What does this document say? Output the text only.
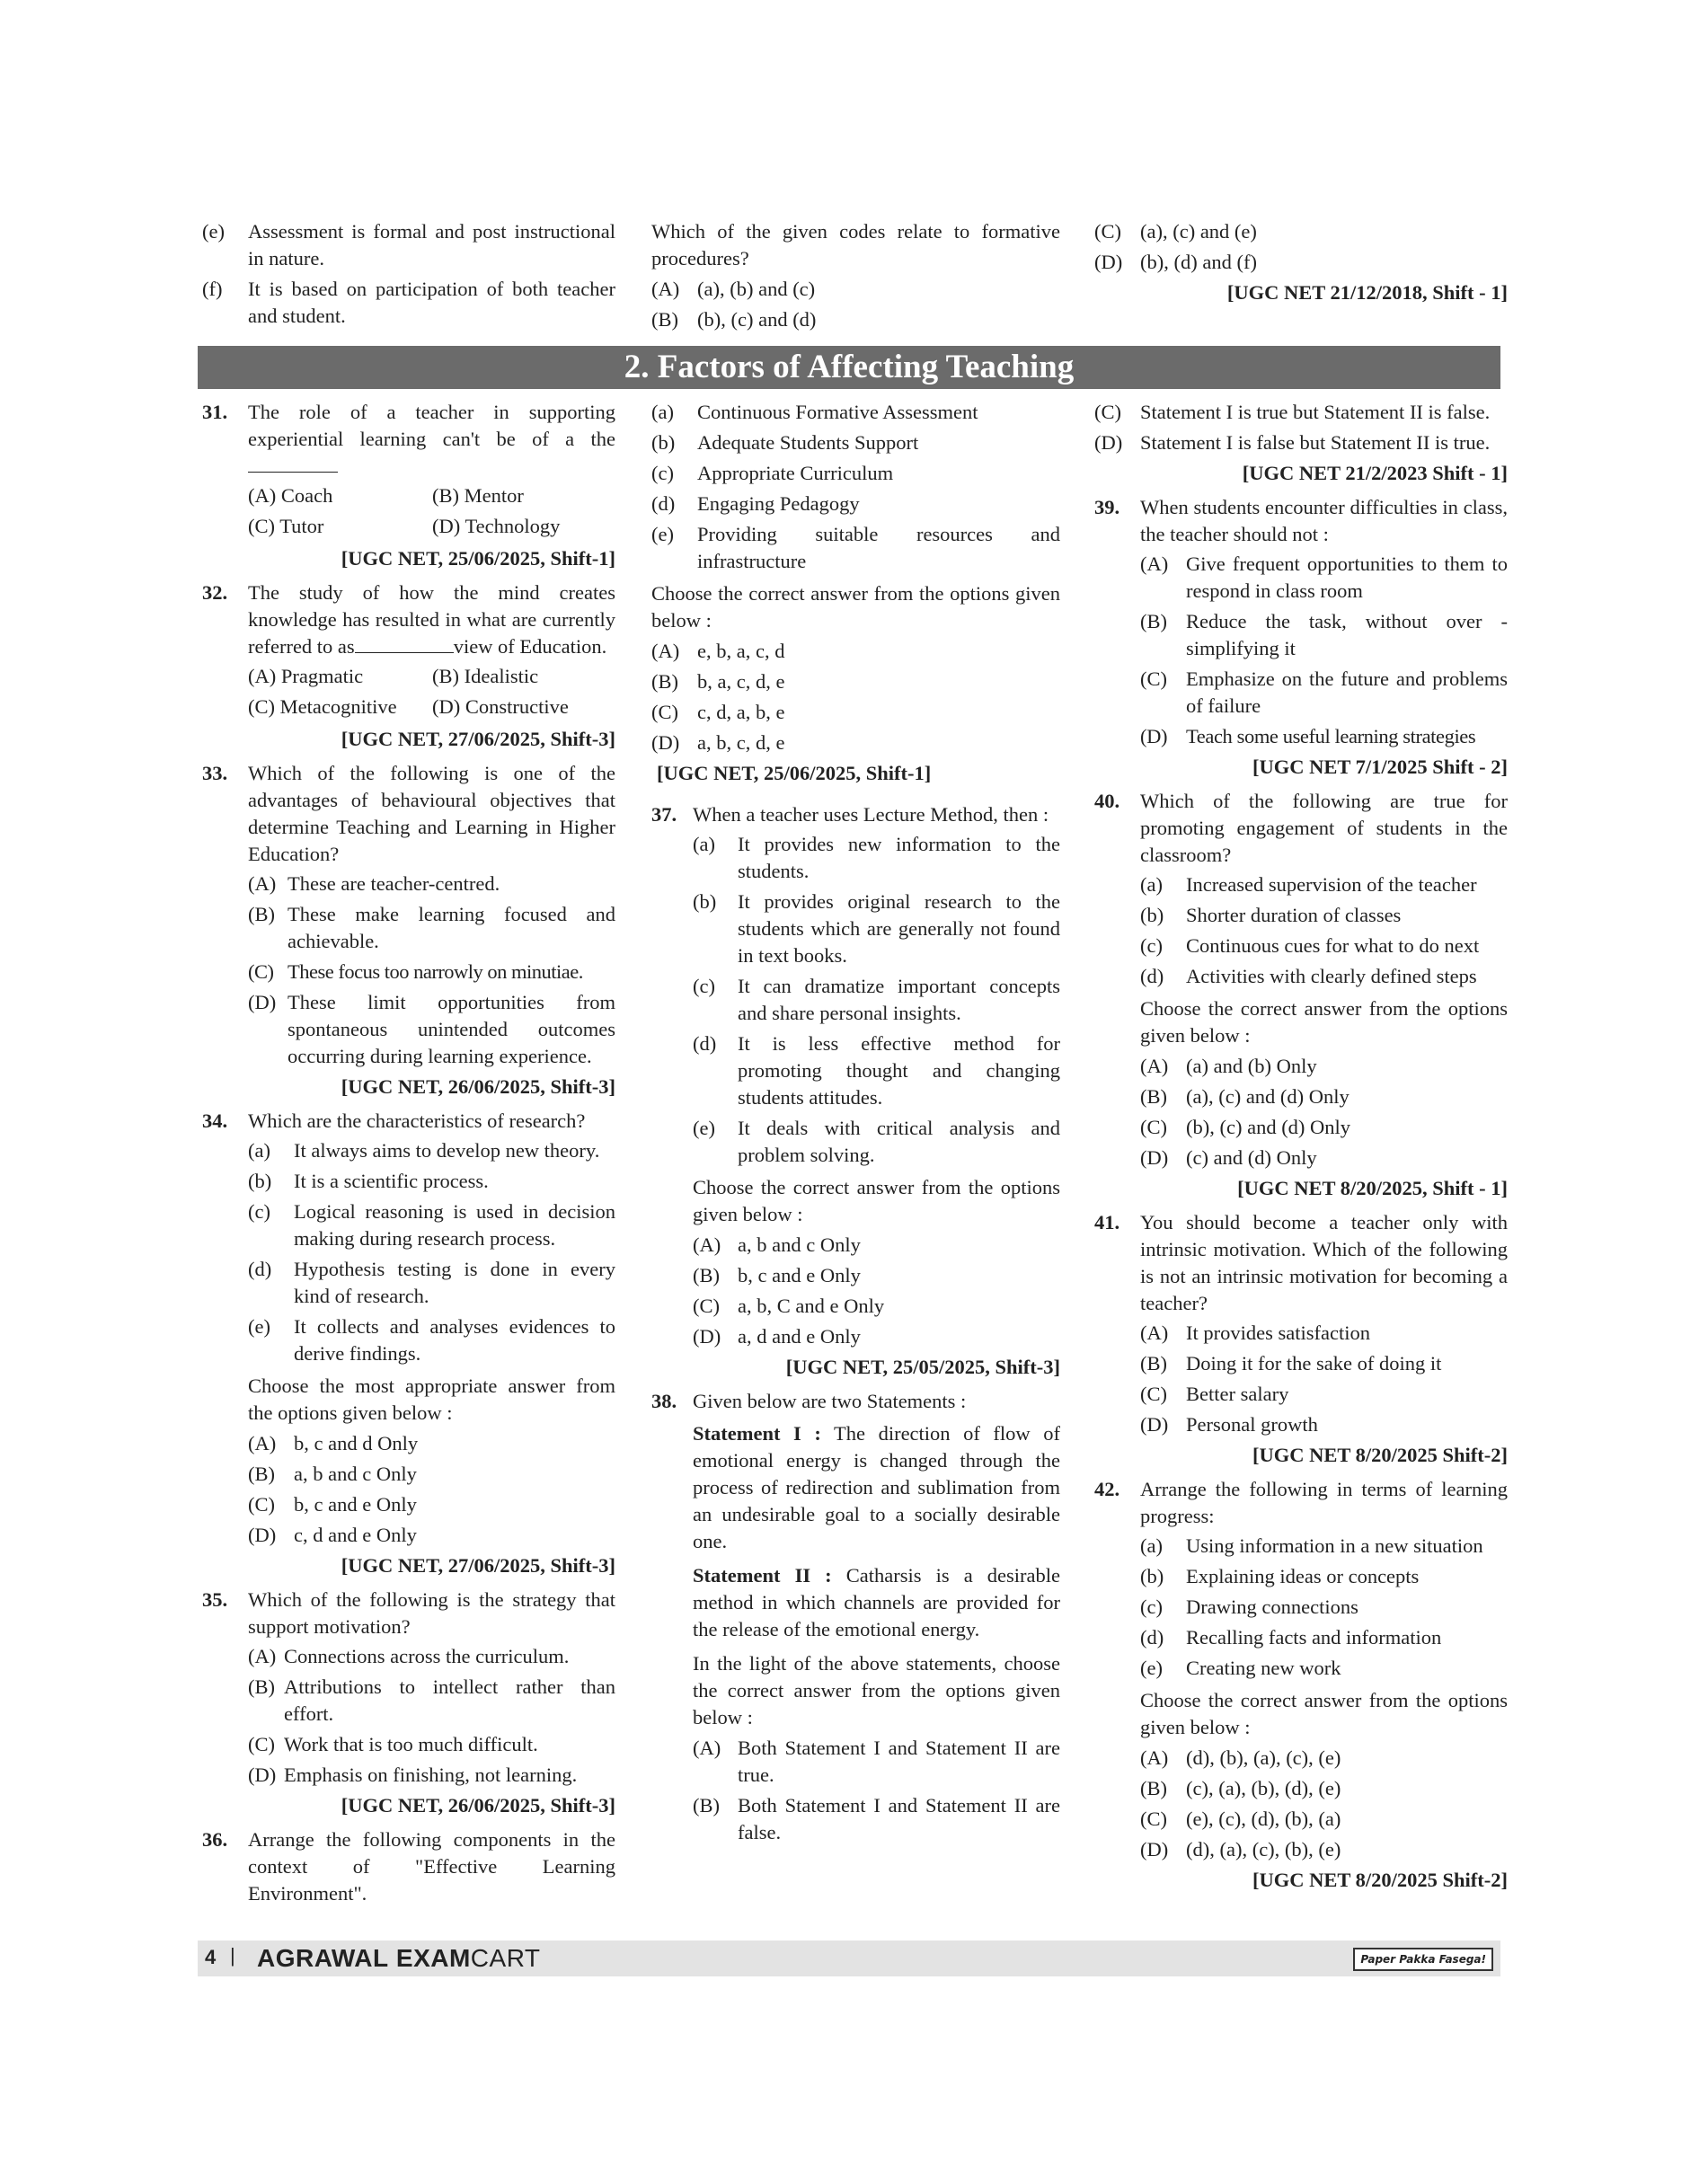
(e) Assessment is formal and post instructional in nature.
(f) It is based on participation of both teacher and student.
Which of the given codes relate to formative procedures?
(A) (a), (b) and (c)
(B) (b), (c) and (d)
(C) (a), (c) and (e)
(D) (b), (d) and (f)
[UGC NET 21/12/2018, Shift - 1]
2. Factors of Affecting Teaching
31. The role of a teacher in supporting experiential learning can't be of a the
(A) Coach	(B) Mentor
(C) Tutor	(D) Technology
[UGC NET, 25/06/2025, Shift-1]
32. The study of how the mind creates knowledge has resulted in what are currently referred to as	view of Education.
(A) Pragmatic	(B) Idealistic
(C) Metacognitive	(D) Constructive
[UGC NET, 27/06/2025, Shift-3]
33. Which of the following is one of the advantages of behavioural objectives that determine Teaching and Learning in Higher Education?
(A) These are teacher-centred.
(B) These make learning focused and achievable.
(C) These focus too narrowly on minutiae.
(D) These limit opportunities from spontaneous unintended outcomes occurring during learning experience.
[UGC NET, 26/06/2025, Shift-3]
34. Which are the characteristics of research?
(a) It always aims to develop new theory.
(b) It is a scientific process.
(c) Logical reasoning is used in decision making during research process.
(d) Hypothesis testing is done in every kind of research.
(e) It collects and analyses evidences to derive findings.
Choose the most appropriate answer from the options given below :
(A) b, c and d Only
(B) a, b and c Only
(C) b, c and e Only
(D) c, d and e Only
[UGC NET, 27/06/2025, Shift-3]
35. Which of the following is the strategy that support motivation?
(A) Connections across the curriculum.
(B) Attributions to intellect rather than effort.
(C) Work that is too much difficult.
(D) Emphasis on finishing, not learning.
[UGC NET, 26/06/2025, Shift-3]
36. Arrange the following components in the context of "Effective Learning Environment".
(a) Continuous Formative Assessment
(b) Adequate Students Support
(c) Appropriate Curriculum
(d) Engaging Pedagogy
(e) Providing suitable resources and infrastructure
Choose the correct answer from the options given below :
(A) e, b, a, c, d
(B) b, a, c, d, e
(C) c, d, a, b, e
(D) a, b, c, d, e
[UGC NET, 25/06/2025, Shift-1]
37. When a teacher uses Lecture Method, then :
(a) It provides new information to the students.
(b) It provides original research to the students which are generally not found in text books.
(c) It can dramatize important concepts and share personal insights.
(d) It is less effective method for promoting thought and changing students attitudes.
(e) It deals with critical analysis and problem solving.
Choose the correct answer from the options given below :
(A) a, b and c Only
(B) b, c and e Only
(C) a, b, C and e Only
(D) a, d and e Only
[UGC NET, 25/05/2025, Shift-3]
38. Given below are two Statements :
Statement I : The direction of flow of emotional energy is changed through the process of redirection and sublimation from an undesirable goal to a socially desirable one.
Statement II : Catharsis is a desirable method in which channels are provided for the release of the emotional energy.
In the light of the above statements, choose the correct answer from the options given below :
(A) Both Statement I and Statement II are true.
(B) Both Statement I and Statement II are false.
(C) Statement I is true but Statement II is false.
(D) Statement I is false but Statement II is true.
[UGC NET 21/2/2023 Shift - 1]
39. When students encounter difficulties in class, the teacher should not :
(A) Give frequent opportunities to them to respond in class room
(B) Reduce the task, without over - simplifying it
(C) Emphasize on the future and problems of failure
(D) Teach some useful learning strategies
[UGC NET 7/1/2025 Shift - 2]
40. Which of the following are true for promoting engagement of students in the classroom?
(a) Increased supervision of the teacher
(b) Shorter duration of classes
(c) Continuous cues for what to do next
(d) Activities with clearly defined steps
Choose the correct answer from the options given below :
(A) (a) and (b) Only
(B) (a), (c) and (d) Only
(C) (b), (c) and (d) Only
(D) (c) and (d) Only
[UGC NET 8/20/2025, Shift - 1]
41. You should become a teacher only with intrinsic motivation. Which of the following is not an intrinsic motivation for becoming a teacher?
(A) It provides satisfaction
(B) Doing it for the sake of doing it
(C) Better salary
(D) Personal growth
[UGC NET 8/20/2025 Shift-2]
42. Arrange the following in terms of learning progress:
(a) Using information in a new situation
(b) Explaining ideas or concepts
(c) Drawing connections
(d) Recalling facts and information
(e) Creating new work
Choose the correct answer from the options given below :
(A) (d), (b), (a), (c), (e)
(B) (c), (a), (b), (d), (e)
(C) (e), (c), (d), (b), (a)
(D) (d), (a), (c), (b), (e)
[UGC NET 8/20/2025 Shift-2]
4 | AGRAWAL EXAMCART	Paper Pakka Fasega!
